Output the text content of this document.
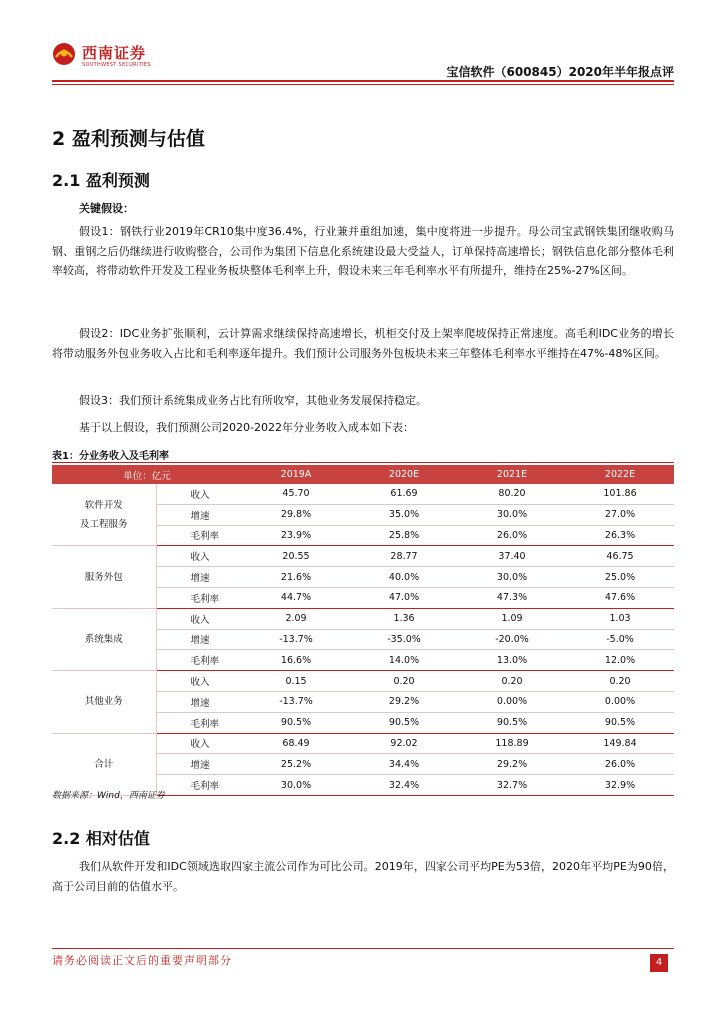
西南证券
SOUTHWEST SECURITIES	宝信软件（600845）2020年半年报点评
2 盈利预测与估值
2.1 盈利预测
关键假设：
假设1：钢铁行业2019年CR10集中度36.4%，行业兼并重组加速，集中度将进一步提升。母公司宝武钢铁集团继收购马钢、重钢之后仍继续进行收购整合，公司作为集团下信息化系统建设最大受益人，订单保持高速增长；钢铁信息化部分整体毛利率较高，将带动软件开发及工程业务板块整体毛利率上升，假设未来三年毛利率水平有所提升，维持在25%-27%区间。
假设2：IDC业务扩张顺利，云计算需求继续保持高速增长，机柜交付及上架率爬坡保持正常速度。高毛利IDC业务的增长将带动服务外包业务收入占比和毛利率逐年提升。我们预计公司服务外包板块未来三年整体毛利率水平维持在47%-48%区间。
假设3：我们预计系统集成业务占比有所收窄，其他业务发展保持稳定。
基于以上假设，我们预测公司2020-2022年分业务收入成本如下表：
表1：分业务收入及毛利率
单位：亿元		2019A	2020E	2021E	2022E
软件开发
及工程服务	收入	45.70	61.69	80.20	101.86
	增速	29.8%	35.0%	30.0%	27.0%
	毛利率	23.9%	25.8%	26.0%	26.3%
服务外包	收入	20.55	28.77	37.40	46.75
	增速	21.6%	40.0%	30.0%	25.0%
	毛利率	44.7%	47.0%	47.3%	47.6%
系统集成	收入	2.09	1.36	1.09	1.03
	增速	-13.7%	-35.0%	-20.0%	-5.0%
	毛利率	16.6%	14.0%	13.0%	12.0%
其他业务	收入	0.15	0.20	0.20	0.20
	增速	-13.7%	29.2%	0.00%	0.00%
	毛利率	90.5%	90.5%	90.5%	90.5%
合计	收入	68.49	92.02	118.89	149.84
	增速	25.2%	34.4%	29.2%	26.0%
	毛利率	30.0%	32.4%	32.7%	32.9%
数据来源：Wind，西南证券
2.2 相对估值
我们从软件开发和IDC领域选取四家主流公司作为可比公司。2019年，四家公司平均PE为53倍，2020年平均PE为90倍，高于公司目前的估值水平。
请务必阅读正文后的重要声明部分	4
